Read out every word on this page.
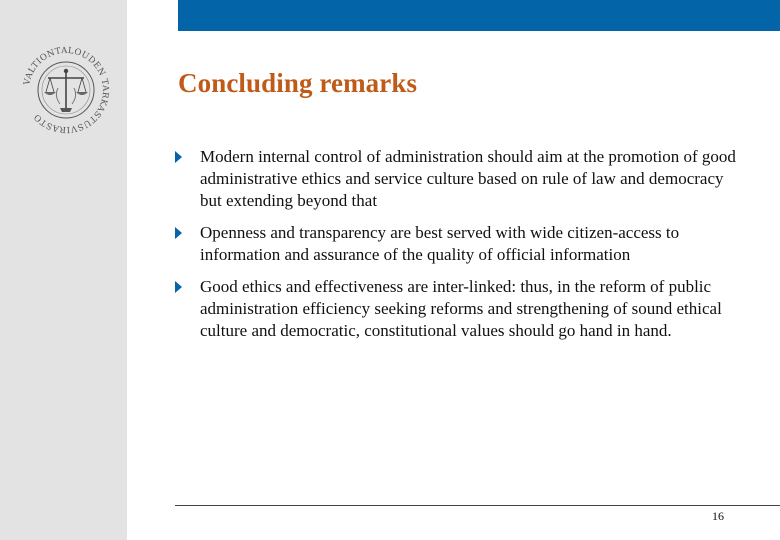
VALTIONTALOUDEN TARKASTUSVIRASTO
Concluding remarks
Modern internal control of administration should aim at the promotion of good administrative ethics and service culture based on rule of law and democracy but extending beyond that
Openness and transparency are best served with wide citizen-access to information and assurance of the quality of official information
Good ethics and effectiveness are inter-linked: thus, in the reform of public administration efficiency seeking reforms and strengthening of sound ethical culture and democratic, constitutional values should go hand in hand.
16
